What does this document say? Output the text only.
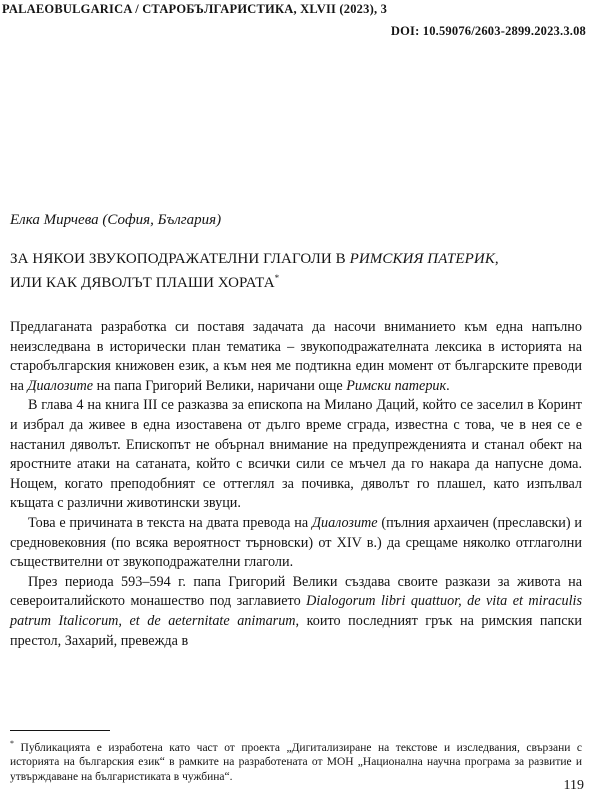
PALAEOBULGARICA / СТАРОБЪЛГАРИСТИКА, XLVII (2023), 3
DOI: 10.59076/2603-2899.2023.3.08
Елка Мирчева (София, България)
ЗА НЯКОИ ЗВУКОПОДРАЖАТЕЛНИ ГЛАГОЛИ В РИМСКИЯ ПАТЕРИК,
ИЛИ КАК ДЯВОЛЪТ ПЛАШИ ХОРАТА*

Предлаганата разработка си поставя задачата да насочи вниманието към една напълно неизследвана в исторически план тематика – звукоподражателната лексика в историята на старобългарския книжовен език, а към нея ме подтикна един момент от българските преводи на Диалозите на папа Григорий Велики, наричани още Римски патерик.

В глава 4 на книга III се разказва за епископа на Милано Даций, който се заселил в Коринт и избрал да живее в една изоставена от дълго време сграда, известна с това, че в нея се е настанил дяволът. Епископът не обърнал внимание на предупрежденията и станал обект на яростните атаки на сатаната, който с всички сили се мъчел да го накара да напусне дома. Нощем, когато преподобният се оттеглял за почивка, дяволът го плашел, като изпълвал къщата с различни животински звуци.

Това е причината в текста на двата превода на Диалозите (пълния архаичен (преславски) и средновековния (по всяка вероятност търновски) от XIV в.) да срещаме няколко отглаголни съществителни от звукоподражателни глаголи.

През периода 593–594 г. папа Григорий Велики създава своите разкази за живота на североиталийското монашество под заглавието Dialogorum libri quattuor, de vita et miraculis patrum Italicorum, et de aeternitate animarum, които последният грък на римския папски престол, Захарий, превежда в

* Публикацията е изработена като част от проекта „Дигитализиране на текстове и изследвания, свързани с историята на българския език“ в рамките на разработената от МОН „Национална научна програма за развитие и утвърждаване на българистиката в чужбина“.
119
